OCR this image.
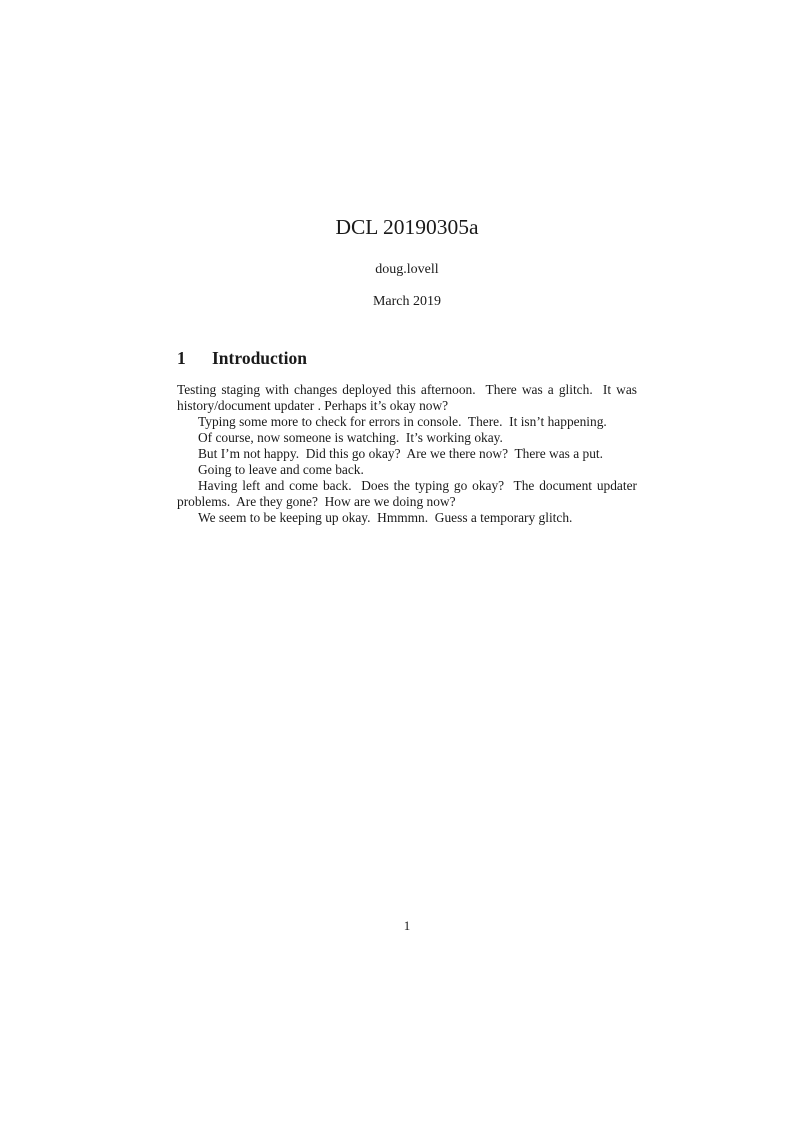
DCL 20190305a
doug.lovell
March 2019
1	Introduction

Testing staging with changes deployed this afternoon.  There was a glitch.  It was history/document updater . Perhaps it’s okay now?

Typing some more to check for errors in console.  There.  It isn’t happening.

Of course, now someone is watching.  It’s working okay.

But I’m not happy.  Did this go okay?  Are we there now?  There was a put.

Going to leave and come back.

Having left and come back.  Does the typing go okay?  The document updater problems.  Are they gone?  How are we doing now?

We seem to be keeping up okay.  Hmmmn.  Guess a temporary glitch.

1
